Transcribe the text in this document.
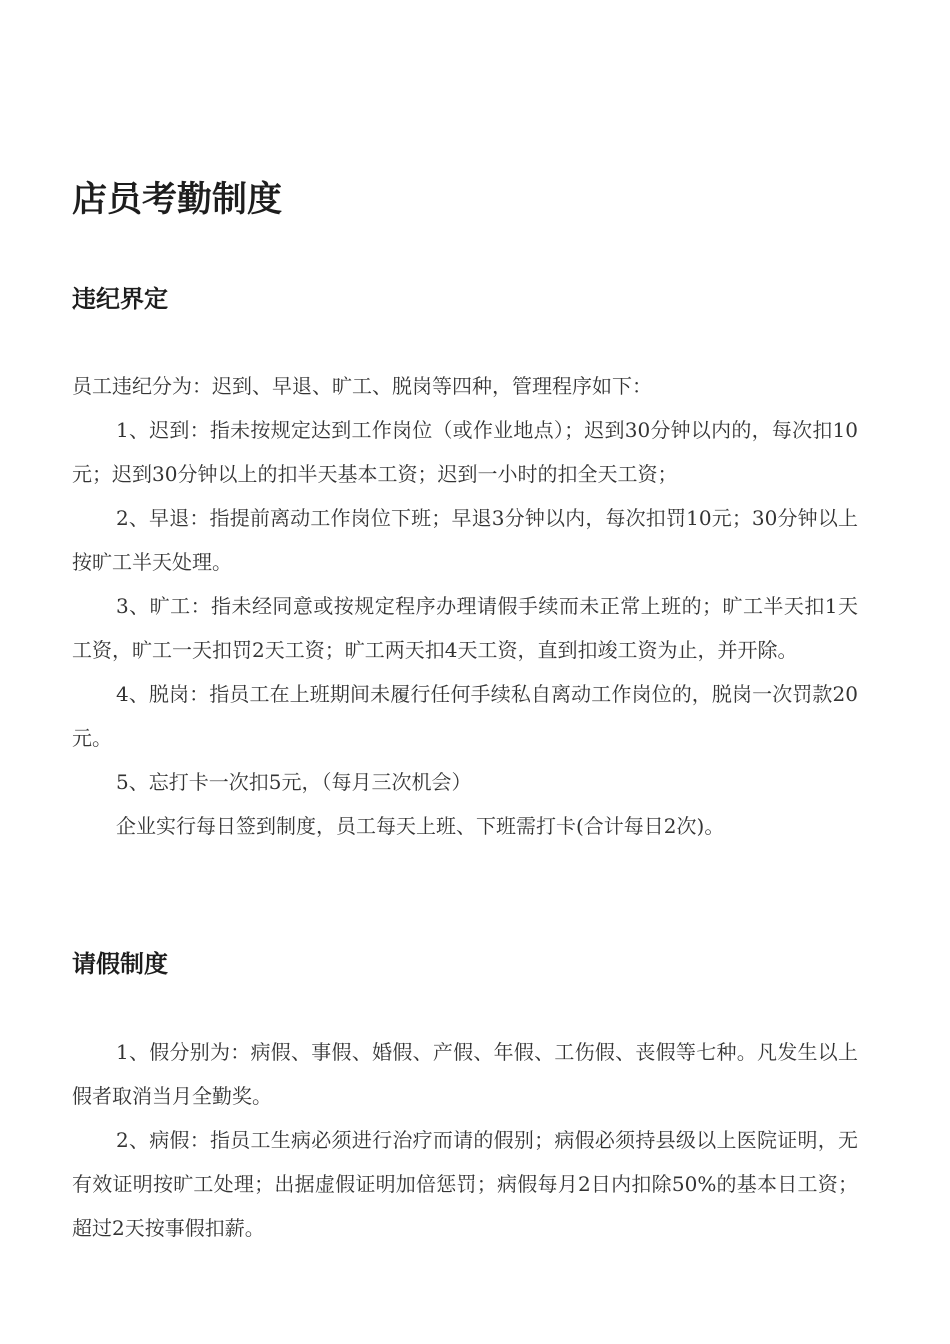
店员考勤制度
违纪界定

员工违纪分为：迟到、早退、旷工、脱岗等四种，管理程序如下：

1、迟到：指未按规定达到工作岗位（或作业地点）；迟到30分钟以内的，每次扣10元；迟到30分钟以上的扣半天基本工资；迟到一小时的扣全天工资；

2、早退：指提前离动工作岗位下班；早退3分钟以内，每次扣罚10元；30分钟以上按旷工半天处理。

3、旷工：指未经同意或按规定程序办理请假手续而未正常上班的；旷工半天扣1天工资，旷工一天扣罚2天工资；旷工两天扣4天工资，直到扣竣工资为止，并开除。

4、脱岗：指员工在上班期间未履行任何手续私自离动工作岗位的，脱岗一次罚款20元。

5、忘打卡一次扣5元，（每月三次机会）

企业实行每日签到制度，员工每天上班、下班需打卡(合计每日2次)。

请假制度

1、假分别为：病假、事假、婚假、产假、年假、工伤假、丧假等七种。凡发生以上假者取消当月全勤奖。

2、病假：指员工生病必须进行治疗而请的假别；病假必须持县级以上医院证明，无有效证明按旷工处理；出据虚假证明加倍惩罚；病假每月2日内扣除50%的基本日工资；超过2天按事假扣薪。
